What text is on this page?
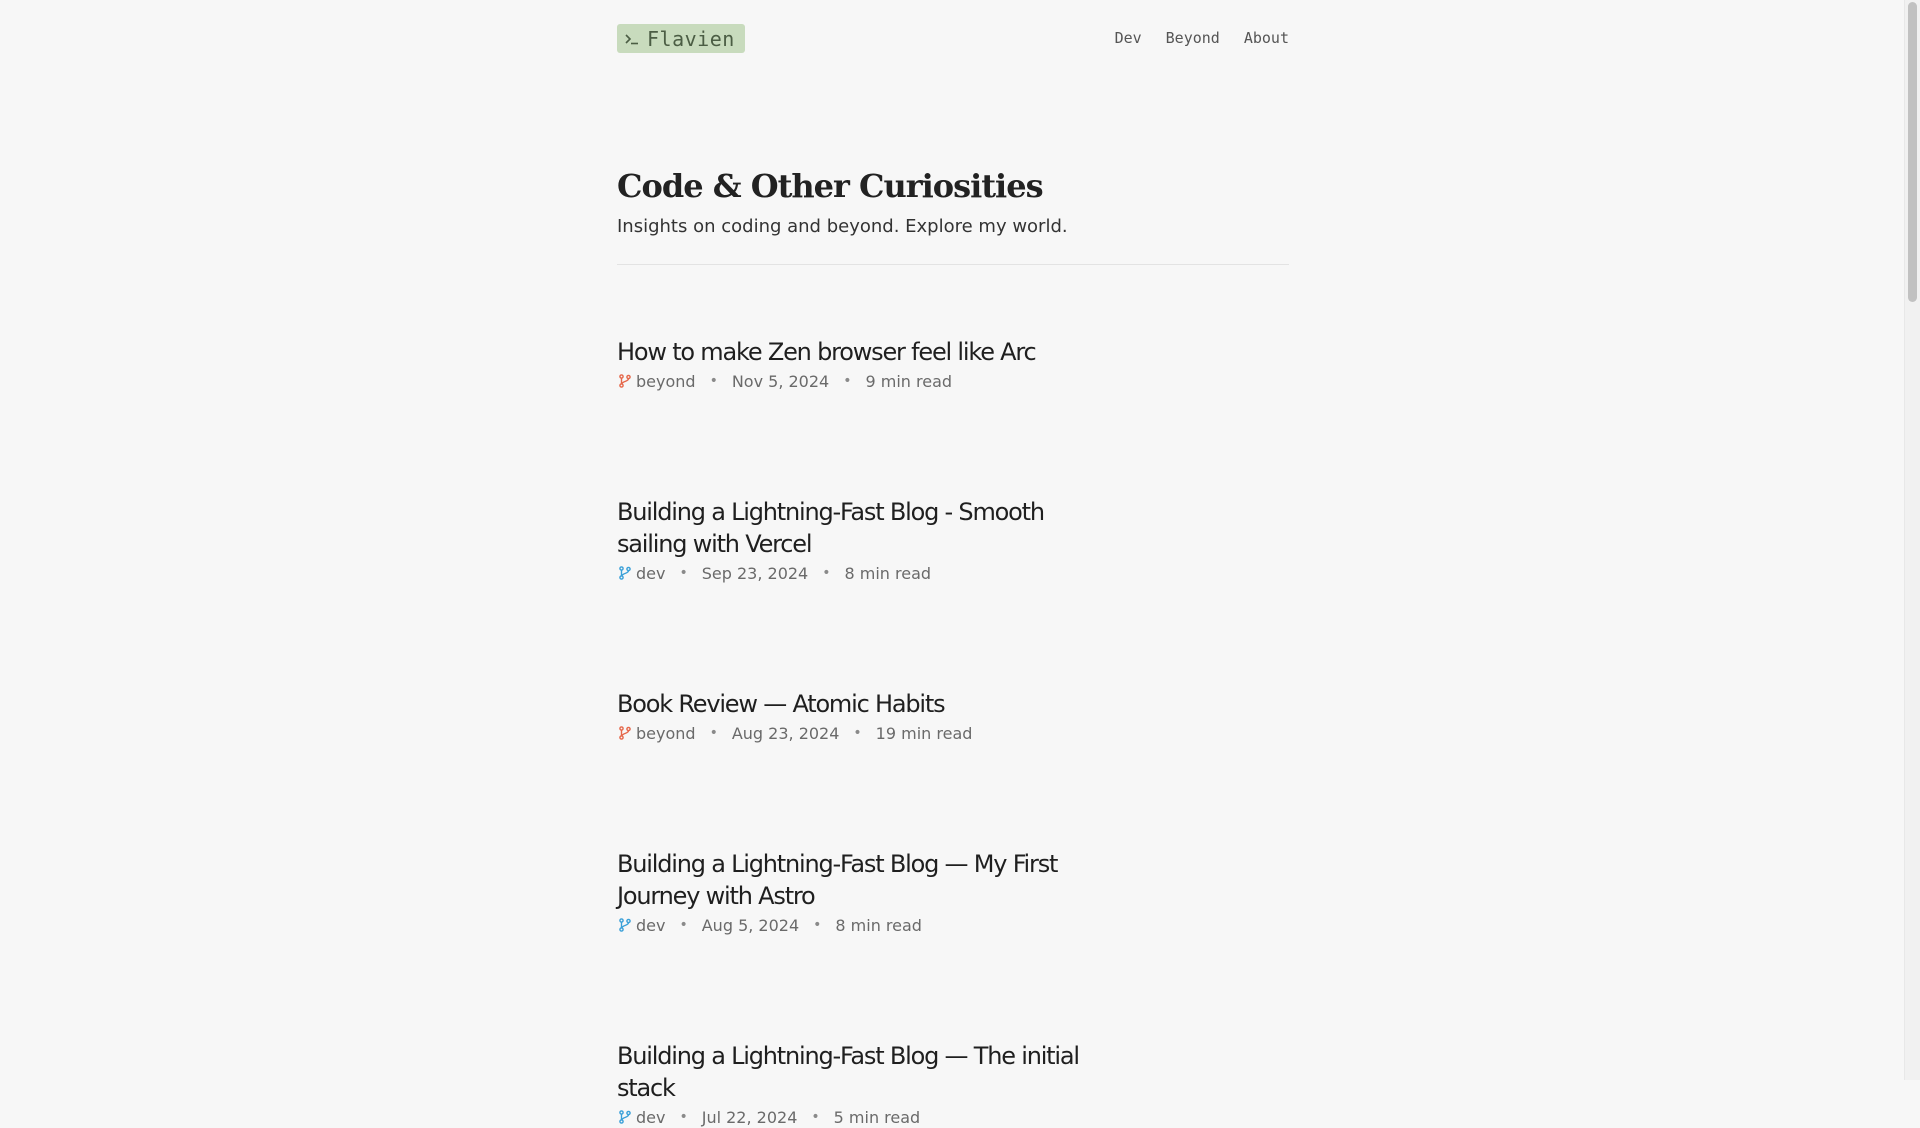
Flavien	Dev Beyond About
Code & Other Curiosities

Insights on coding and beyond. Explore my world.

How to make Zen browser feel like Arc
beyond • Nov 5, 2024 • 9 min read
Building a Lightning-Fast Blog - Smooth sailing with Vercel
dev • Sep 23, 2024 • 8 min read
Book Review — Atomic Habits
beyond • Aug 23, 2024 • 19 min read
Building a Lightning-Fast Blog — My First Journey with Astro
dev • Aug 5, 2024 • 8 min read
Building a Lightning-Fast Blog — The initial stack
dev • Jul 22, 2024 • 5 min read
